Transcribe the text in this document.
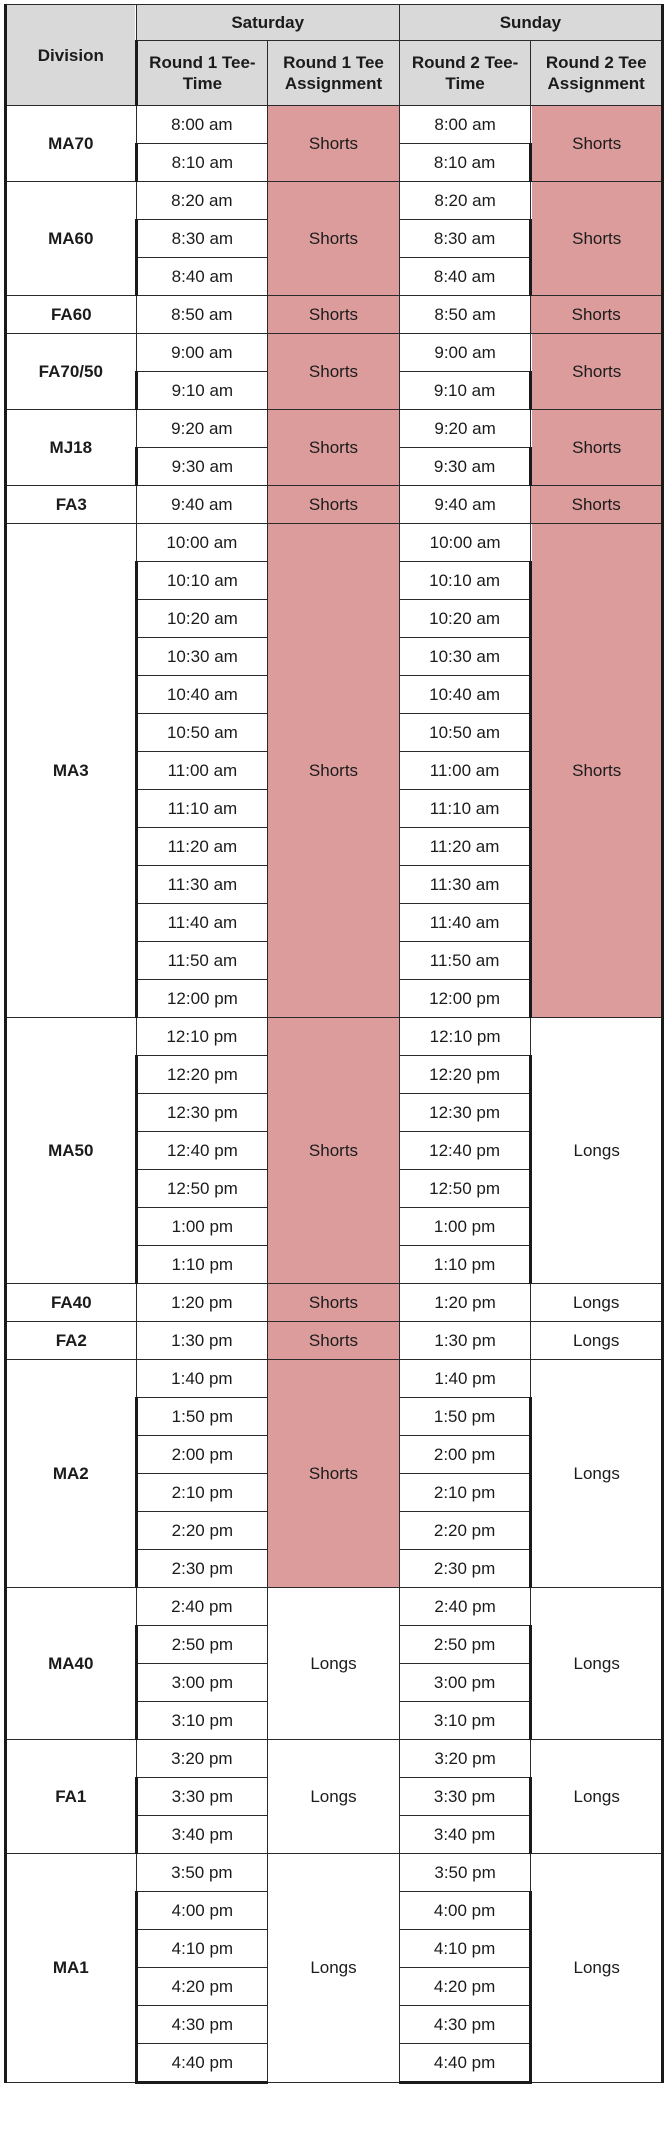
Division	Saturday		Sunday	
	Round 1 Tee-Time	Round 1 Tee Assignment	Round 2 Tee-Time	Round 2 Tee Assignment
MA70	8:00 am	Shorts	8:00 am	Shorts
	8:10 am		8:10 am	
MA60	8:20 am	Shorts	8:20 am	Shorts
	8:30 am		8:30 am	
	8:40 am		8:40 am	
FA60	8:50 am	Shorts	8:50 am	Shorts
FA70/50	9:00 am	Shorts	9:00 am	Shorts
	9:10 am		9:10 am	
MJ18	9:20 am	Shorts	9:20 am	Shorts
	9:30 am		9:30 am	
FA3	9:40 am	Shorts	9:40 am	Shorts
MA3	10:00 am	Shorts	10:00 am	Shorts
	10:10 am		10:10 am	
	10:20 am		10:20 am	
	10:30 am		10:30 am	
	10:40 am		10:40 am	
	10:50 am		10:50 am	
	11:00 am		11:00 am	
	11:10 am		11:10 am	
	11:20 am		11:20 am	
	11:30 am		11:30 am	
	11:40 am		11:40 am	
	11:50 am		11:50 am	
	12:00 pm		12:00 pm	
MA50	12:10 pm	Shorts	12:10 pm	Longs
	12:20 pm		12:20 pm	
	12:30 pm		12:30 pm	
	12:40 pm		12:40 pm	
	12:50 pm		12:50 pm	
	1:00 pm		1:00 pm	
	1:10 pm		1:10 pm	
FA40	1:20 pm	Shorts	1:20 pm	Longs
FA2	1:30 pm	Shorts	1:30 pm	Longs
MA2	1:40 pm	Shorts	1:40 pm	Longs
	1:50 pm		1:50 pm	
	2:00 pm		2:00 pm	
	2:10 pm		2:10 pm	
	2:20 pm		2:20 pm	
	2:30 pm		2:30 pm	
MA40	2:40 pm	Longs	2:40 pm	Longs
	2:50 pm		2:50 pm	
	3:00 pm		3:00 pm	
	3:10 pm		3:10 pm	
FA1	3:20 pm	Longs	3:20 pm	Longs
	3:30 pm		3:30 pm	
	3:40 pm		3:40 pm	
MA1	3:50 pm	Longs	3:50 pm	Longs
	4:00 pm		4:00 pm	
	4:10 pm		4:10 pm	
	4:20 pm		4:20 pm	
	4:30 pm		4:30 pm	
	4:40 pm		4:40 pm	
